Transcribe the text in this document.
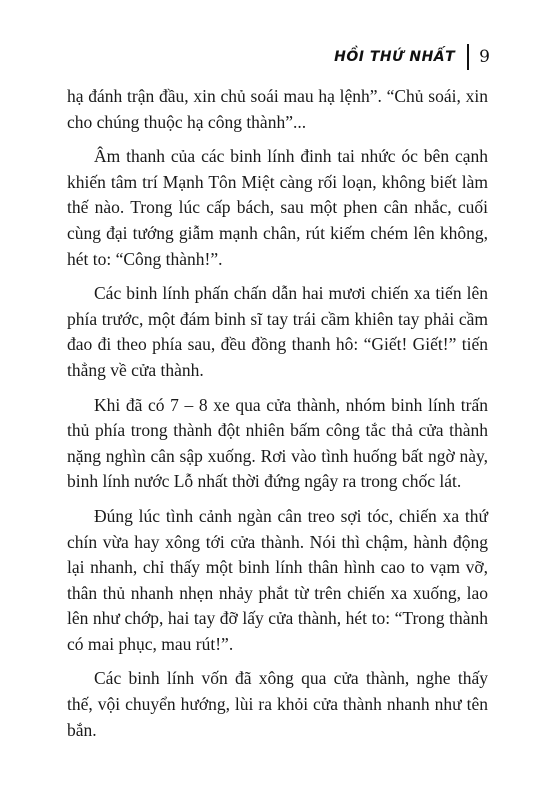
HỒI THỨ NHẤT 9

hạ đánh trận đầu, xin chủ soái mau hạ lệnh”. “Chủ soái, xin cho chúng thuộc hạ công thành”...

Âm thanh của các binh lính đinh tai nhức óc bên cạnh khiến tâm trí Mạnh Tôn Miệt càng rối loạn, không biết làm thế nào. Trong lúc cấp bách, sau một phen cân nhắc, cuối cùng đại tướng giẫm mạnh chân, rút kiếm chém lên không, hét to: “Công thành!”.

Các binh lính phấn chấn dẫn hai mươi chiến xa tiến lên phía trước, một đám binh sĩ tay trái cầm khiên tay phải cầm đao đi theo phía sau, đều đồng thanh hô: “Giết! Giết!” tiến thẳng về cửa thành.

Khi đã có 7 – 8 xe qua cửa thành, nhóm binh lính trấn thủ phía trong thành đột nhiên bấm công tắc thả cửa thành nặng nghìn cân sập xuống. Rơi vào tình huống bất ngờ này, binh lính nước Lỗ nhất thời đứng ngây ra trong chốc lát.

Đúng lúc tình cảnh ngàn cân treo sợi tóc, chiến xa thứ chín vừa hay xông tới cửa thành. Nói thì chậm, hành động lại nhanh, chỉ thấy một binh lính thân hình cao to vạm vỡ, thân thủ nhanh nhẹn nhảy phắt từ trên chiến xa xuống, lao lên như chớp, hai tay đỡ lấy cửa thành, hét to: “Trong thành có mai phục, mau rút!”.

Các binh lính vốn đã xông qua cửa thành, nghe thấy thế, vội chuyển hướng, lùi ra khỏi cửa thành nhanh như tên bắn.
